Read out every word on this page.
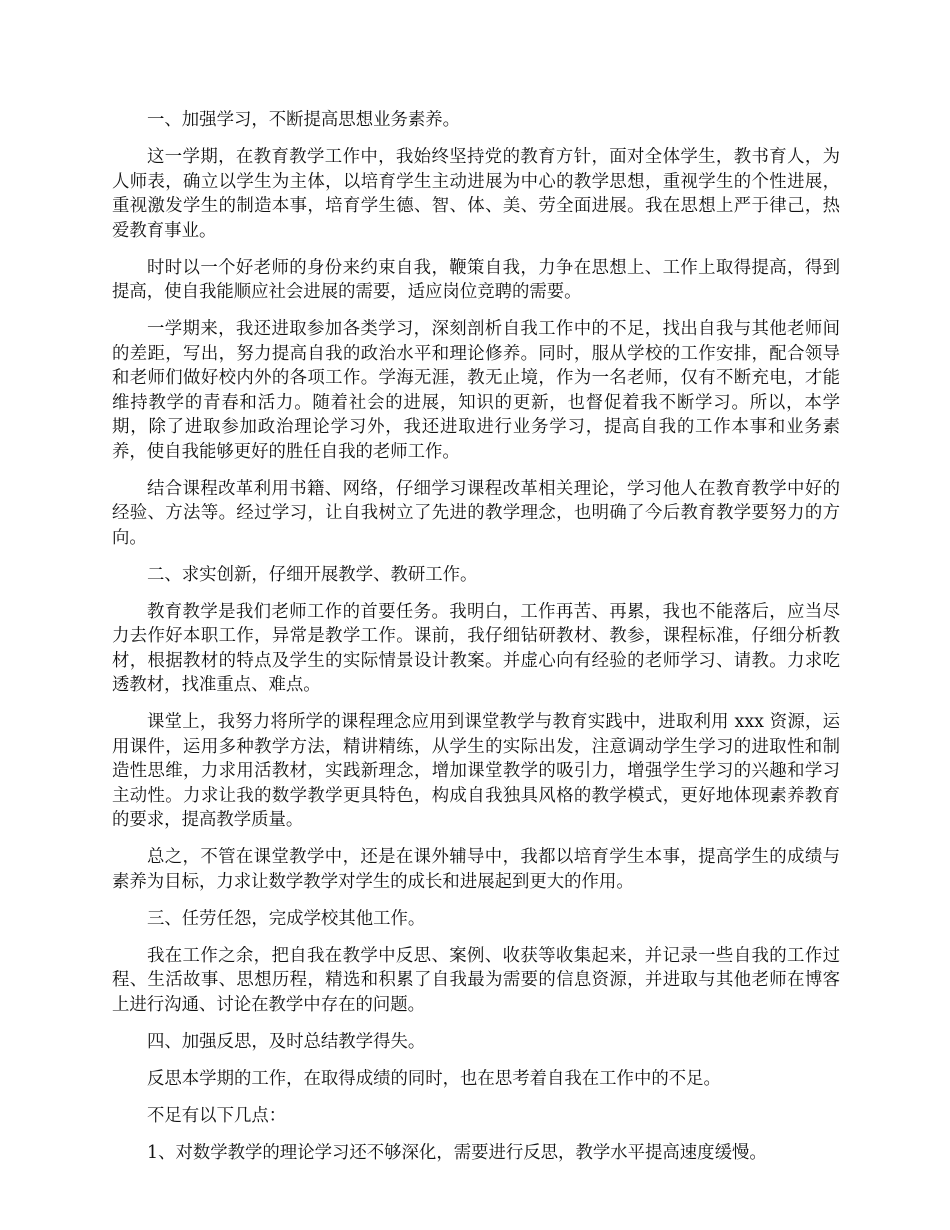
一、加强学习，不断提高思想业务素养。

这一学期，在教育教学工作中，我始终坚持党的教育方针，面对全体学生，教书育人，为人师表，确立以学生为主体，以培育学生主动进展为中心的教学思想，重视学生的个性进展，重视激发学生的制造本事，培育学生德、智、体、美、劳全面进展。我在思想上严于律己，热爱教育事业。

时时以一个好老师的身份来约束自我，鞭策自我，力争在思想上、工作上取得提高，得到提高，使自我能顺应社会进展的需要，适应岗位竞聘的需要。

一学期来，我还进取参加各类学习，深刻剖析自我工作中的不足，找出自我与其他老师间的差距，写出，努力提高自我的政治水平和理论修养。同时，服从学校的工作安排，配合领导和老师们做好校内外的各项工作。学海无涯，教无止境，作为一名老师，仅有不断充电，才能维持教学的青春和活力。随着社会的进展，知识的更新，也督促着我不断学习。所以，本学期，除了进取参加政治理论学习外，我还进取进行业务学习，提高自我的工作本事和业务素养，使自我能够更好的胜任自我的老师工作。

结合课程改革利用书籍、网络，仔细学习课程改革相关理论，学习他人在教育教学中好的经验、方法等。经过学习，让自我树立了先进的教学理念，也明确了今后教育教学要努力的方向。

二、求实创新，仔细开展教学、教研工作。

教育教学是我们老师工作的首要任务。我明白，工作再苦、再累，我也不能落后，应当尽力去作好本职工作，异常是教学工作。课前，我仔细钻研教材、教参，课程标准，仔细分析教材，根据教材的特点及学生的实际情景设计教案。并虚心向有经验的老师学习、请教。力求吃透教材，找准重点、难点。

课堂上，我努力将所学的课程理念应用到课堂教学与教育实践中，进取利用 xxx 资源，运用课件，运用多种教学方法，精讲精练，从学生的实际出发，注意调动学生学习的进取性和制造性思维，力求用活教材，实践新理念，增加课堂教学的吸引力，增强学生学习的兴趣和学习主动性。力求让我的数学教学更具特色，构成自我独具风格的教学模式，更好地体现素养教育的要求，提高教学质量。

总之，不管在课堂教学中，还是在课外辅导中，我都以培育学生本事，提高学生的成绩与素养为目标，力求让数学教学对学生的成长和进展起到更大的作用。

三、任劳任怨，完成学校其他工作。

我在工作之余，把自我在教学中反思、案例、收获等收集起来，并记录一些自我的工作过程、生活故事、思想历程，精选和积累了自我最为需要的信息资源，并进取与其他老师在博客上进行沟通、讨论在教学中存在的问题。

四、加强反思，及时总结教学得失。

反思本学期的工作，在取得成绩的同时，也在思考着自我在工作中的不足。

不足有以下几点：

1、对数学教学的理论学习还不够深化，需要进行反思，教学水平提高速度缓慢。
